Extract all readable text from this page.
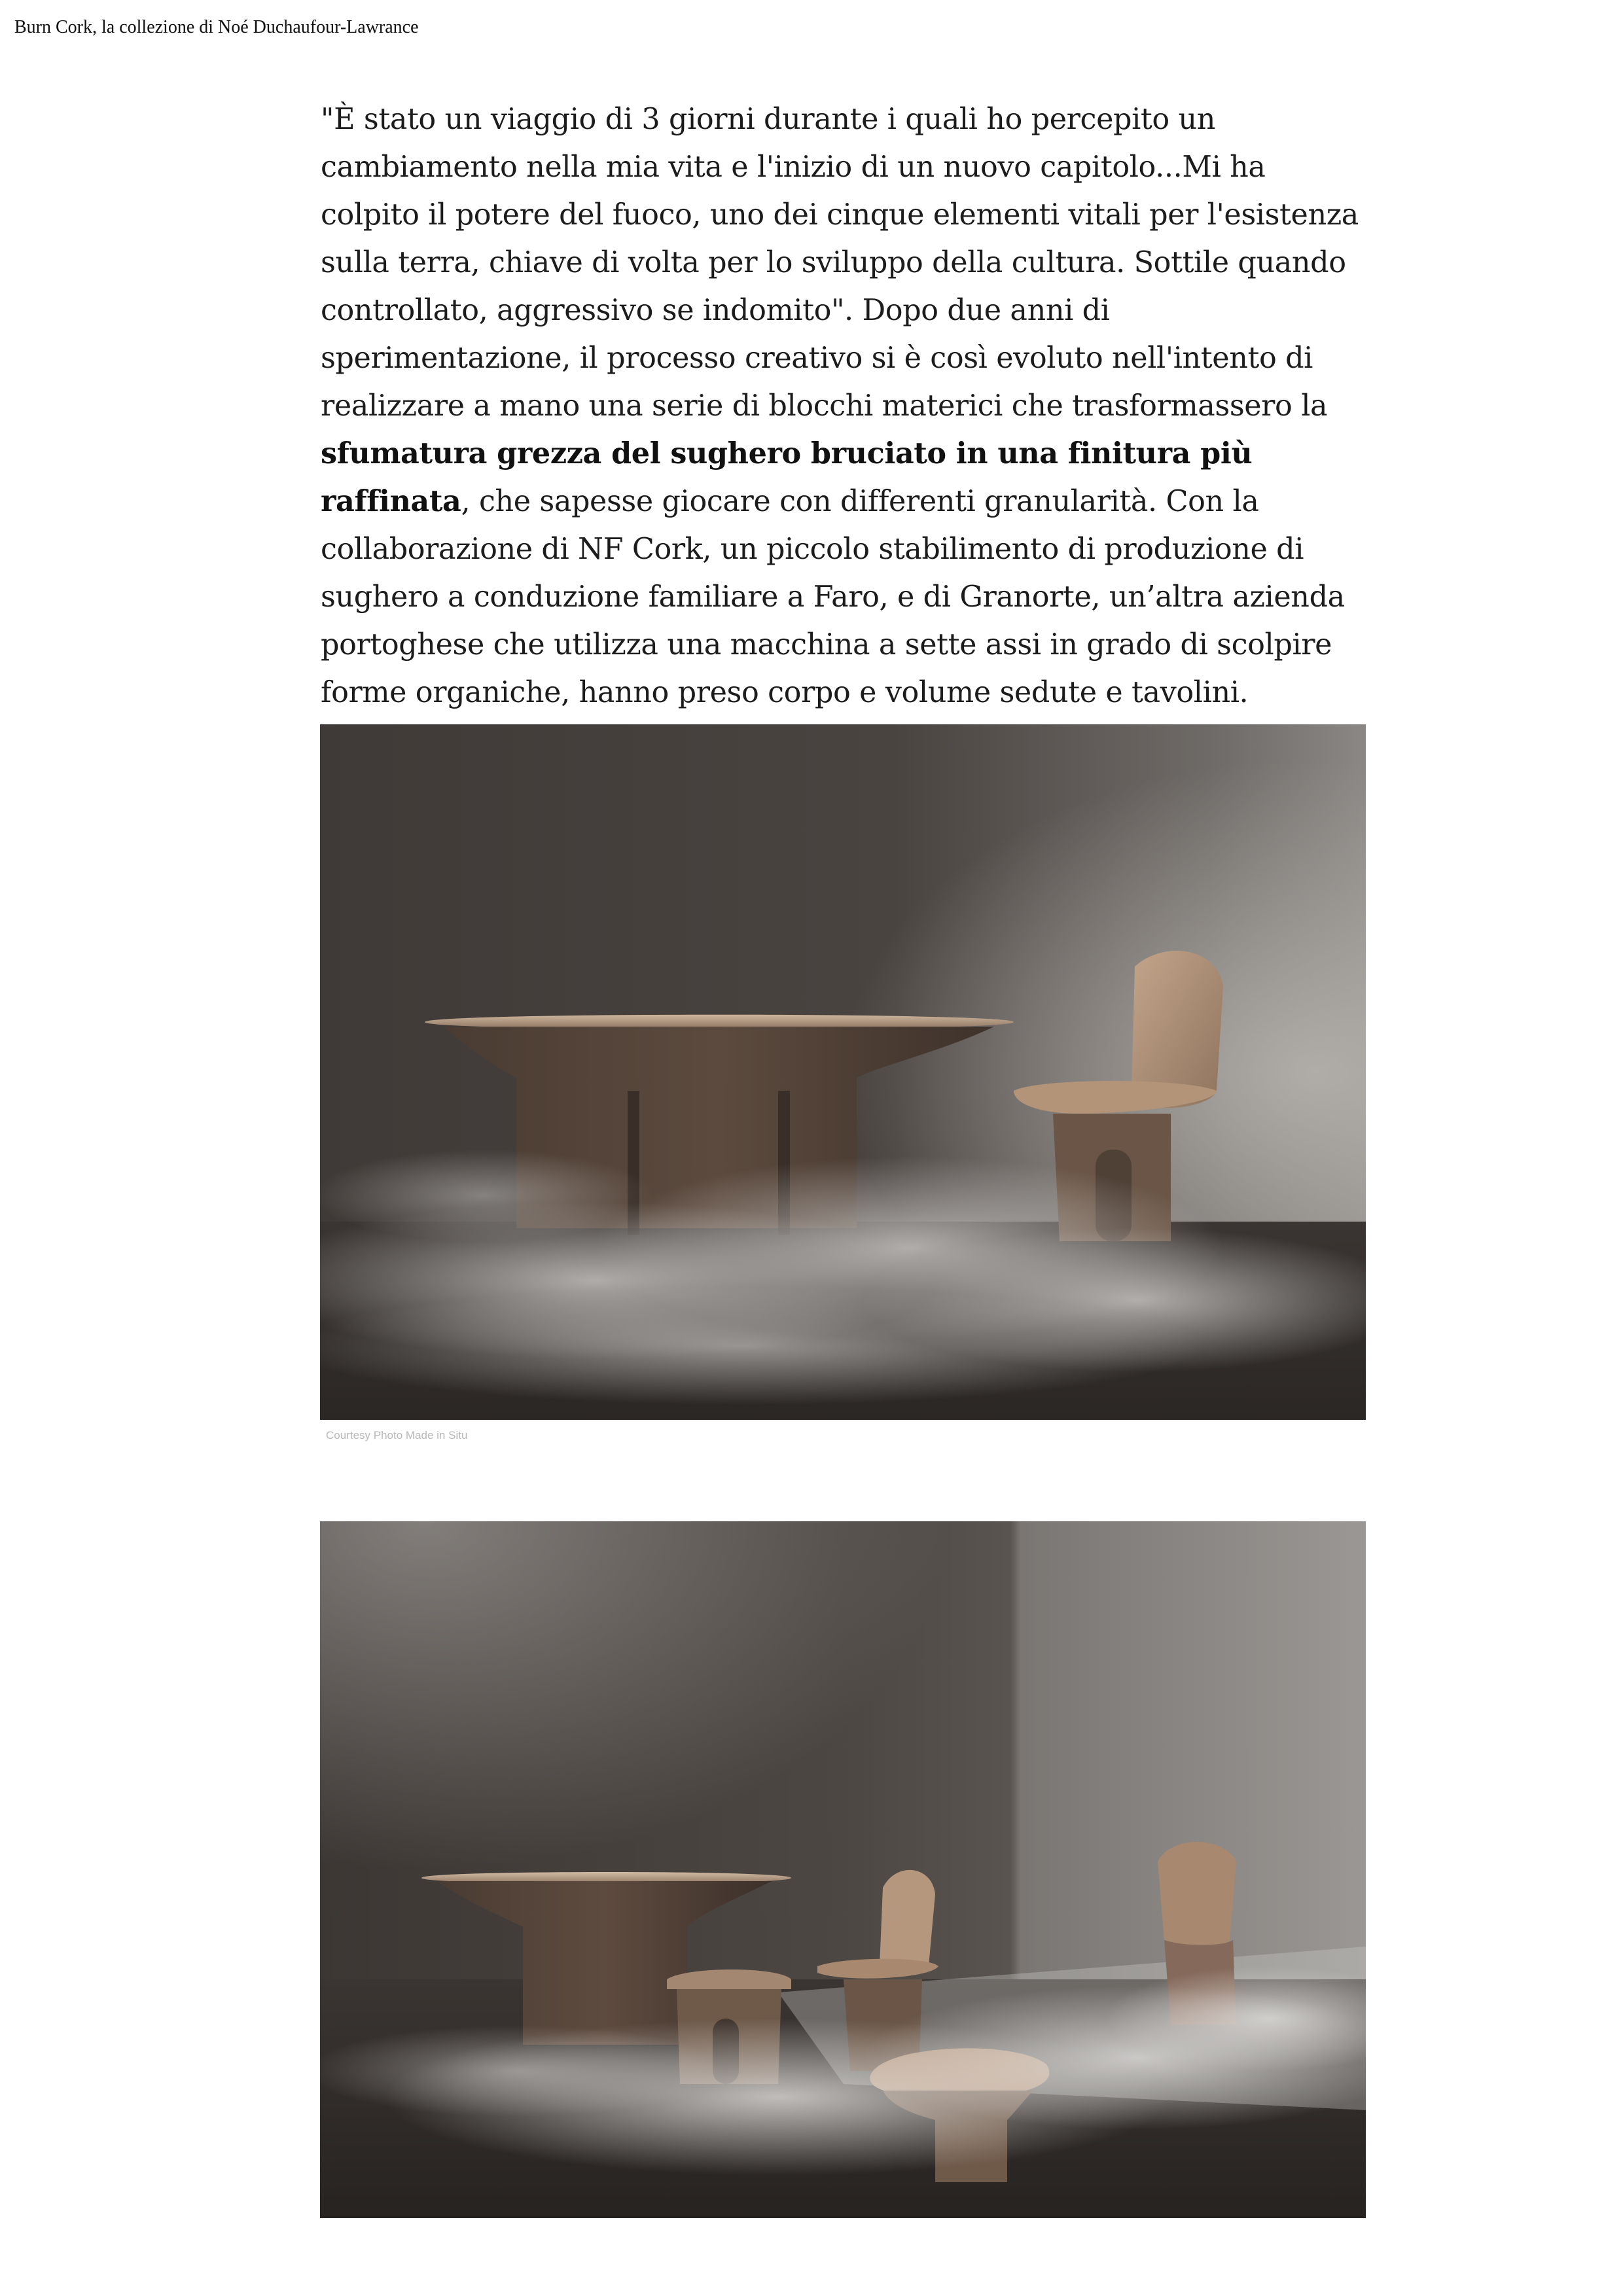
Burn Cork, la collezione di Noé Duchaufour-Lawrance

"È stato un viaggio di 3 giorni durante i quali ho percepito un cambiamento nella mia vita e l'inizio di un nuovo capitolo...Mi ha colpito il potere del fuoco, uno dei cinque elementi vitali per l'esistenza sulla terra, chiave di volta per lo sviluppo della cultura. Sottile quando controllato, aggressivo se indomito". Dopo due anni di sperimentazione, il processo creativo si è così evoluto nell'intento di realizzare a mano una serie di blocchi materici che trasformassero la sfumatura grezza del sughero bruciato in una finitura più raffinata, che sapesse giocare con differenti granularità. Con la collaborazione di NF Cork, un piccolo stabilimento di produzione di sughero a conduzione familiare a Faro, e di Granorte, un’altra azienda portoghese che utilizza una macchina a sette assi in grado di scolpire forme organiche, hanno preso corpo e volume sedute e tavolini.

Courtesy Photo Made in Situ
